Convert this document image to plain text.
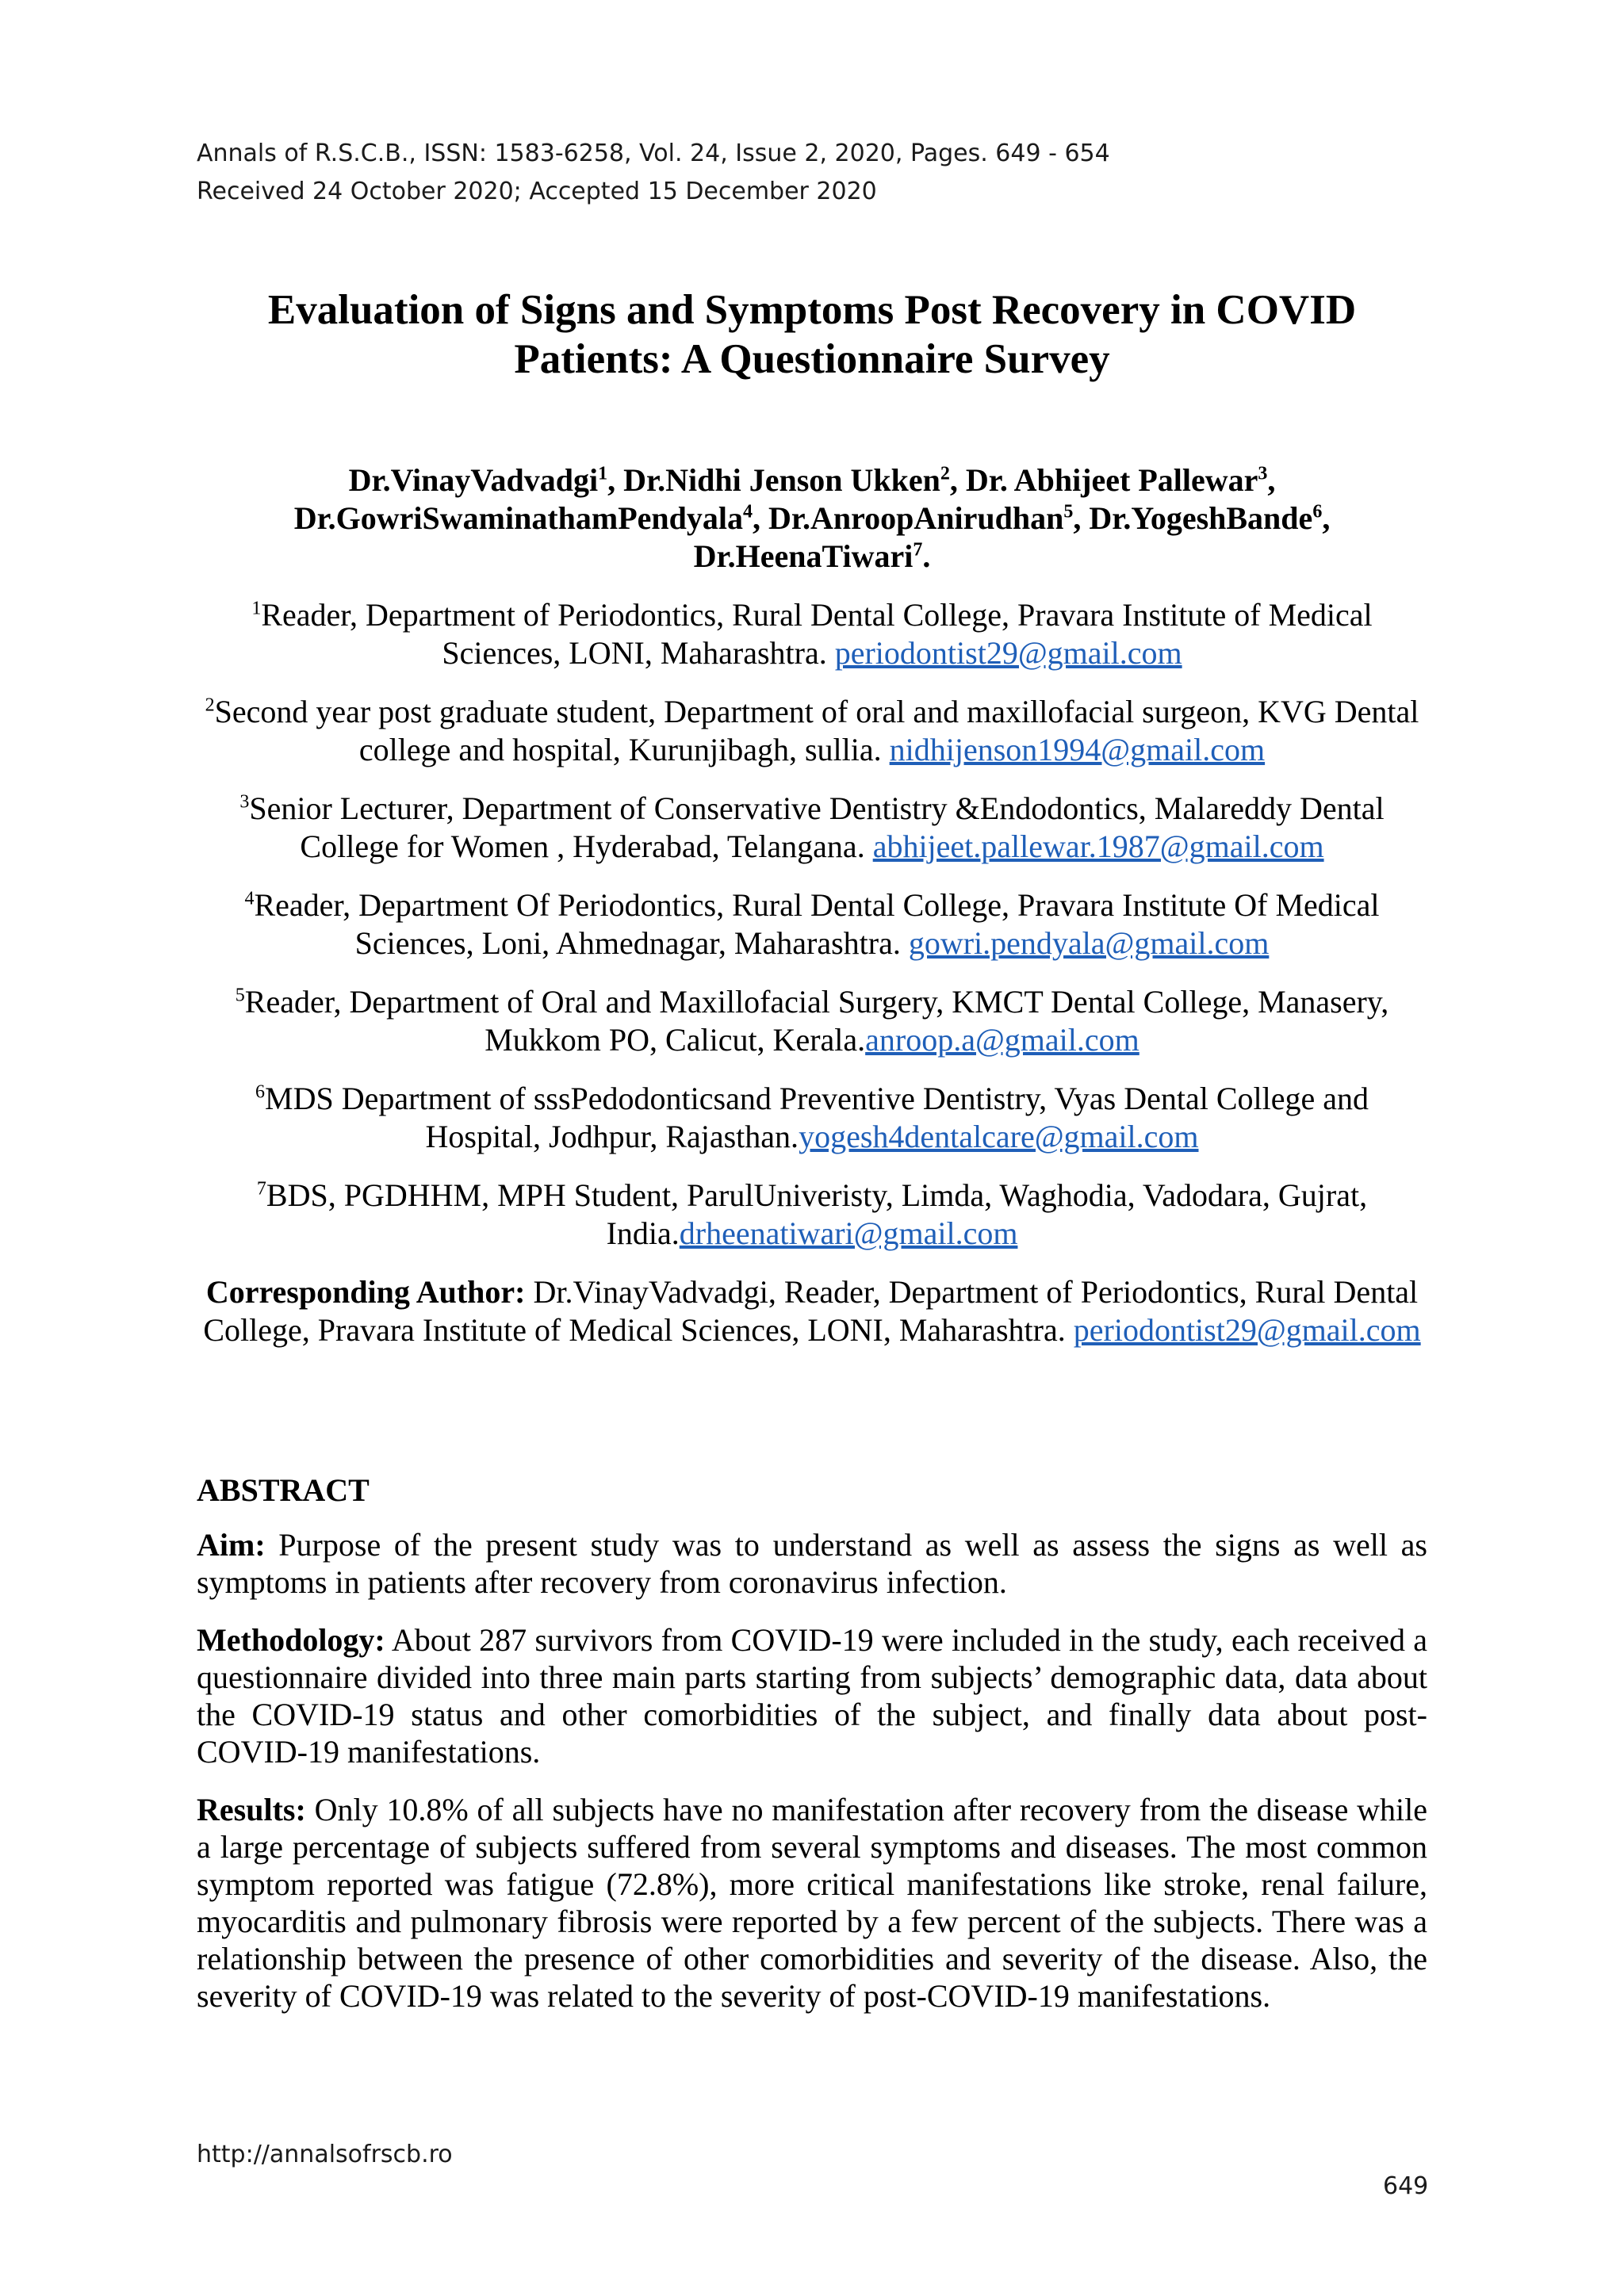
Annals of R.S.C.B., ISSN: 1583-6258, Vol. 24, Issue 2, 2020, Pages. 649 - 654
Received 24 October 2020; Accepted 15 December 2020
Evaluation of Signs and Symptoms Post Recovery in COVID
Patients: A Questionnaire Survey
Dr.VinayVadvadgi$^1$, Dr.Nidhi Jenson Ukken$^2$, Dr. Abhijeet Pallewar$^3$,
Dr.GowriSwaminathamPendyala$^4$, Dr.AnroopAnirudhan$^5$, Dr.YogeshBande$^6$,
Dr.HeenaTiwari$^7$.
$^1$Reader, Department of Periodontics, Rural Dental College, Pravara Institute of Medical Sciences, LONI, Maharashtra. periodontist29@gmail.com
$^2$Second year post graduate student, Department of oral and maxillofacial surgeon, KVG Dental college and hospital, Kurunjibagh, sullia. nidhijenson1994@gmail.com
$^3$Senior Lecturer, Department of Conservative Dentistry &Endodontics, Malareddy Dental College for Women , Hyderabad, Telangana. abhijeet.pallewar.1987@gmail.com
$^4$Reader, Department Of Periodontics, Rural Dental College, Pravara Institute Of Medical Sciences, Loni, Ahmednagar, Maharashtra. gowri.pendyala@gmail.com
$^5$Reader, Department of Oral and Maxillofacial Surgery, KMCT Dental College, Manasery, Mukkom PO, Calicut, Kerala.anroop.a@gmail.com
$^6$MDS Department of sssPedodonticsand Preventive Dentistry, Vyas Dental College and Hospital, Jodhpur, Rajasthan.yogesh4dentalcare@gmail.com
$^7$BDS, PGDHHM, MPH Student, ParulUniveristy, Limda, Waghodia, Vadodara, Gujrat, India.drheenatiwari@gmail.com
Corresponding Author: Dr.VinayVadvadgi, Reader, Department of Periodontics, Rural Dental College, Pravara Institute of Medical Sciences, LONI, Maharashtra. periodontist29@gmail.com
ABSTRACT

Aim: Purpose of the present study was to understand as well as assess the signs as well as symptoms in patients after recovery from coronavirus infection.

Methodology: About 287 survivors from COVID-19 were included in the study, each received a questionnaire divided into three main parts starting from subjects’ demographic data, data about the COVID-19 status and other comorbidities of the subject, and finally data about post-COVID-19 manifestations.

Results: Only 10.8% of all subjects have no manifestation after recovery from the disease while a large percentage of subjects suffered from several symptoms and diseases. The most common symptom reported was fatigue (72.8%), more critical manifestations like stroke, renal failure, myocarditis and pulmonary fibrosis were reported by a few percent of the subjects. There was a relationship between the presence of other comorbidities and severity of the disease. Also, the severity of COVID-19 was related to the severity of post-COVID-19 manifestations.

http://annalsofrscb.ro
649
